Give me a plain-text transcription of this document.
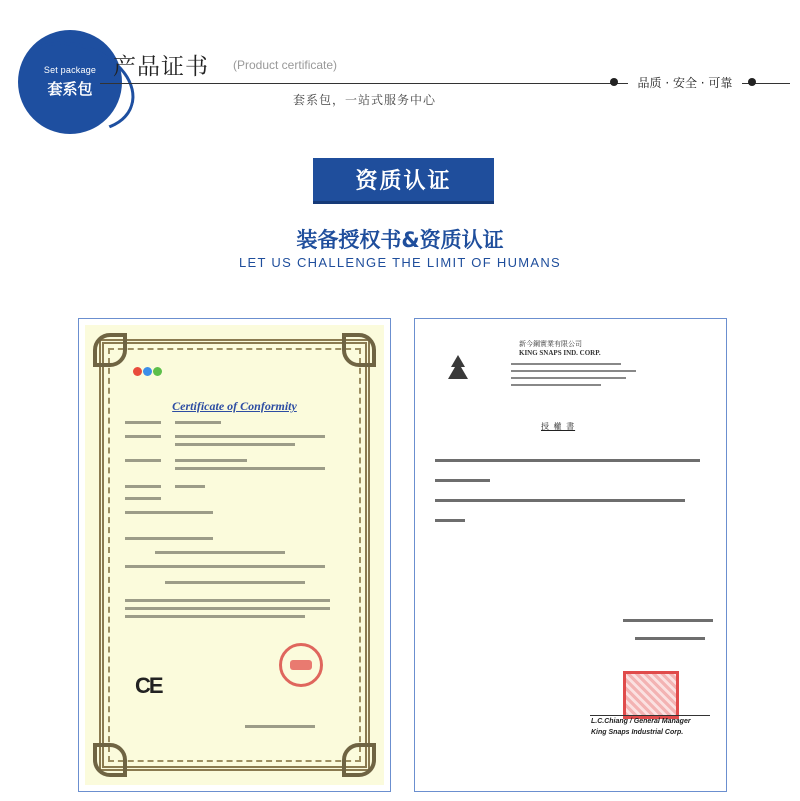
Set package
套系包
产品证书 (Product certificate)
品质 · 安全 · 可靠
套系包，一站式服务中心
资质认证
装备授权书&资质认证
LET US CHALLENGE THE LIMIT OF HUMANS
Certificate of Conformity
CE
新今鋼實業有限公司
KING SNAPS IND. CORP.
授 權 書
L.C.Chiang / General Manager
King Snaps Industrial Corp.
